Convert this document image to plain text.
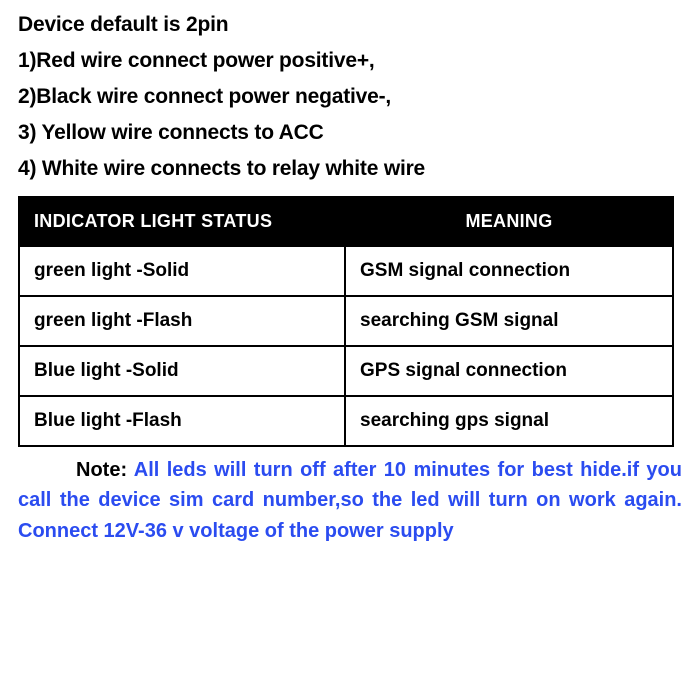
Device default is 2pin

1)Red wire connect power positive+,

2)Black wire connect power negative-,

3) Yellow wire connects to ACC

4) White wire connects to relay white wire

INDICATOR LIGHT STATUS	MEANING
green light -Solid	GSM signal connection
green light -Flash	searching GSM signal
Blue light -Solid	GPS signal connection
Blue light -Flash	searching gps signal
Note: All leds will turn off after 10 minutes for best hide.if you call the device sim card number,so the led will turn on work again. Connect 12V-36 v voltage of the power supply
